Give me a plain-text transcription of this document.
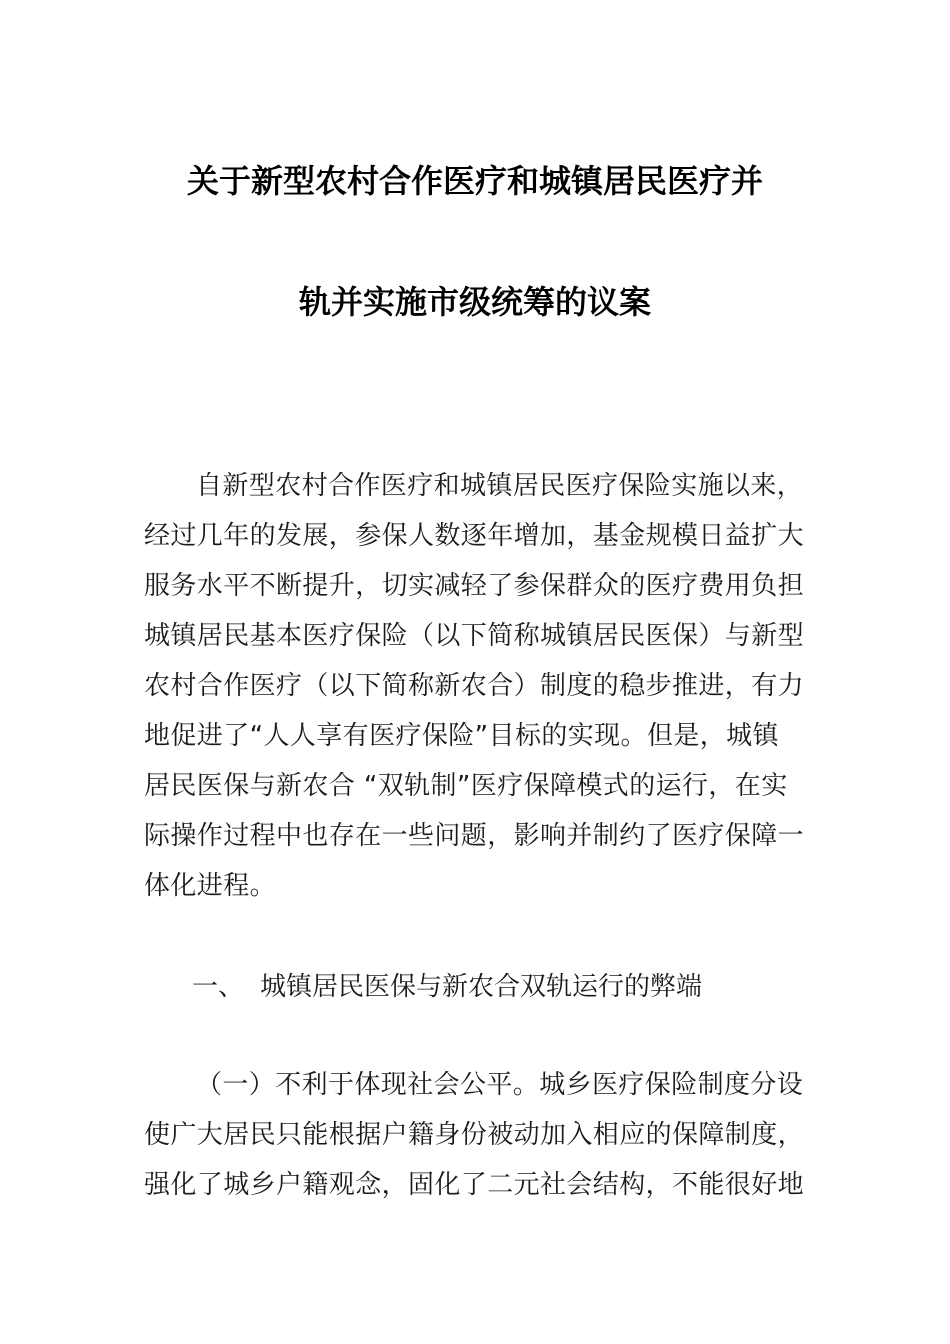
关于新型农村合作医疗和城镇居民医疗并
轨并实施市级统筹的议案
自新型农村合作医疗和城镇居民医疗保险实施以来，
经过几年的发展，参保人数逐年增加，基金规模日益扩大
服务水平不断提升，切实减轻了参保群众的医疗费用负担
城镇居民基本医疗保险（以下简称城镇居民医保）与新型
农村合作医疗（以下简称新农合）制度的稳步推进，有力
地促进了“人人享有医疗保险”目标的实现。但是，城镇
居民医保与新农合 “双轨制”医疗保障模式的运行，在实
际操作过程中也存在一些问题，影响并制约了医疗保障一
体化进程。
一、 城镇居民医保与新农合双轨运行的弊端
（一）不利于体现社会公平。城乡医疗保险制度分设
使广大居民只能根据户籍身份被动加入相应的保障制度，
强化了城乡户籍观念，固化了二元社会结构，不能很好地
